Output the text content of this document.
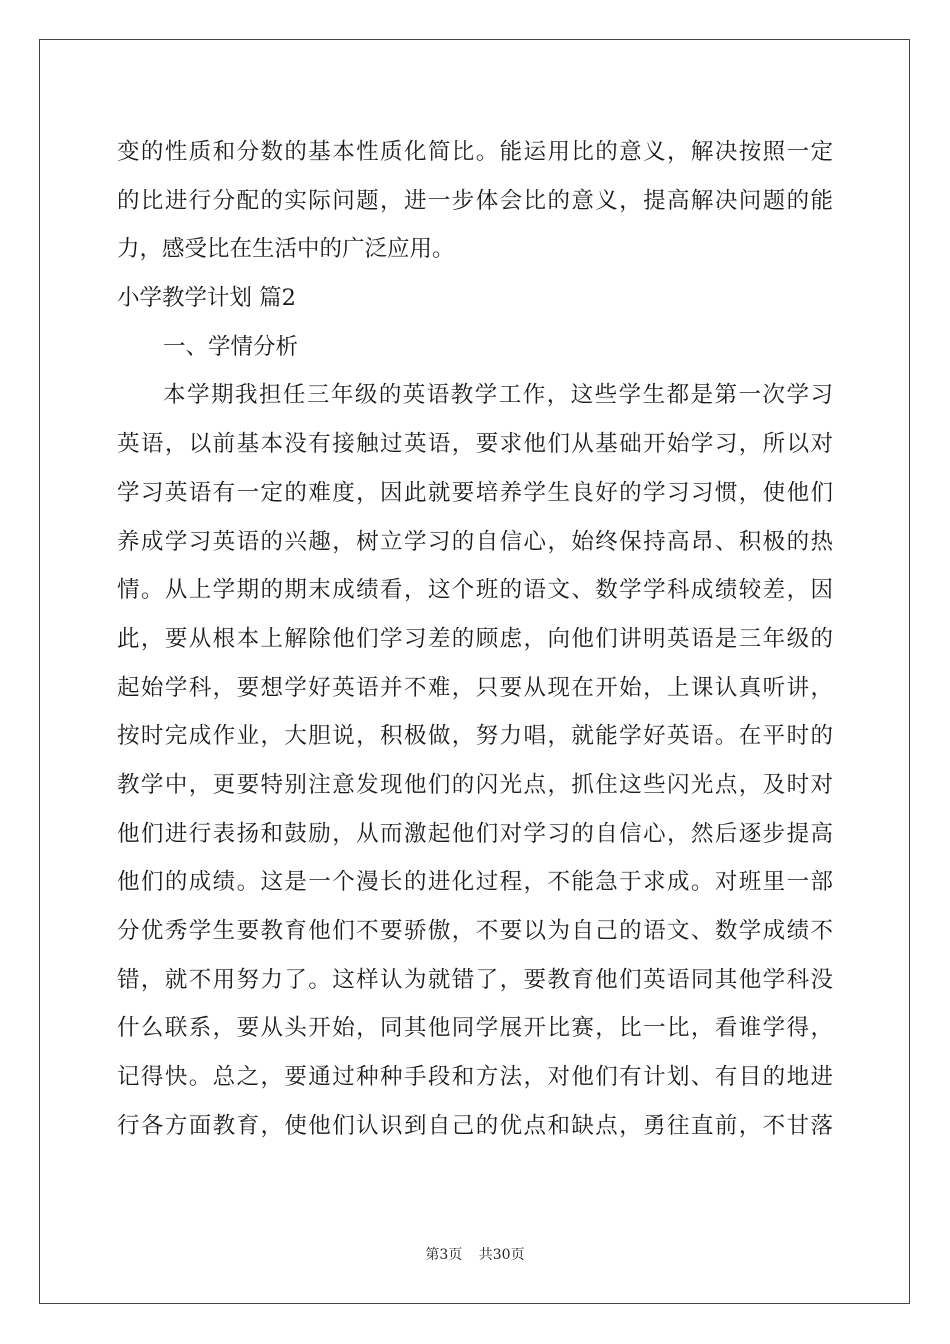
变的性质和分数的基本性质化简比。能运用比的意义，解决按照一定
的比进行分配的实际问题，进一步体会比的意义，提高解决问题的能
力，感受比在生活中的广泛应用。
小学教学计划 篇2
一、学情分析
本学期我担任三年级的英语教学工作，这些学生都是第一次学习
英语，以前基本没有接触过英语，要求他们从基础开始学习，所以对
学习英语有一定的难度，因此就要培养学生良好的学习习惯，使他们
养成学习英语的兴趣，树立学习的自信心，始终保持高昂、积极的热
情。从上学期的期末成绩看，这个班的语文、数学学科成绩较差，因
此，要从根本上解除他们学习差的顾虑，向他们讲明英语是三年级的
起始学科，要想学好英语并不难，只要从现在开始，上课认真听讲，
按时完成作业，大胆说，积极做，努力唱，就能学好英语。在平时的
教学中，更要特别注意发现他们的闪光点，抓住这些闪光点，及时对
他们进行表扬和鼓励，从而激起他们对学习的自信心，然后逐步提高
他们的成绩。这是一个漫长的进化过程，不能急于求成。对班里一部
分优秀学生要教育他们不要骄傲，不要以为自己的语文、数学成绩不
错，就不用努力了。这样认为就错了，要教育他们英语同其他学科没
什么联系，要从头开始，同其他同学展开比赛，比一比，看谁学得，
记得快。总之，要通过种种手段和方法，对他们有计划、有目的地进
行各方面教育，使他们认识到自己的优点和缺点，勇往直前，不甘落
第3页 共30页
